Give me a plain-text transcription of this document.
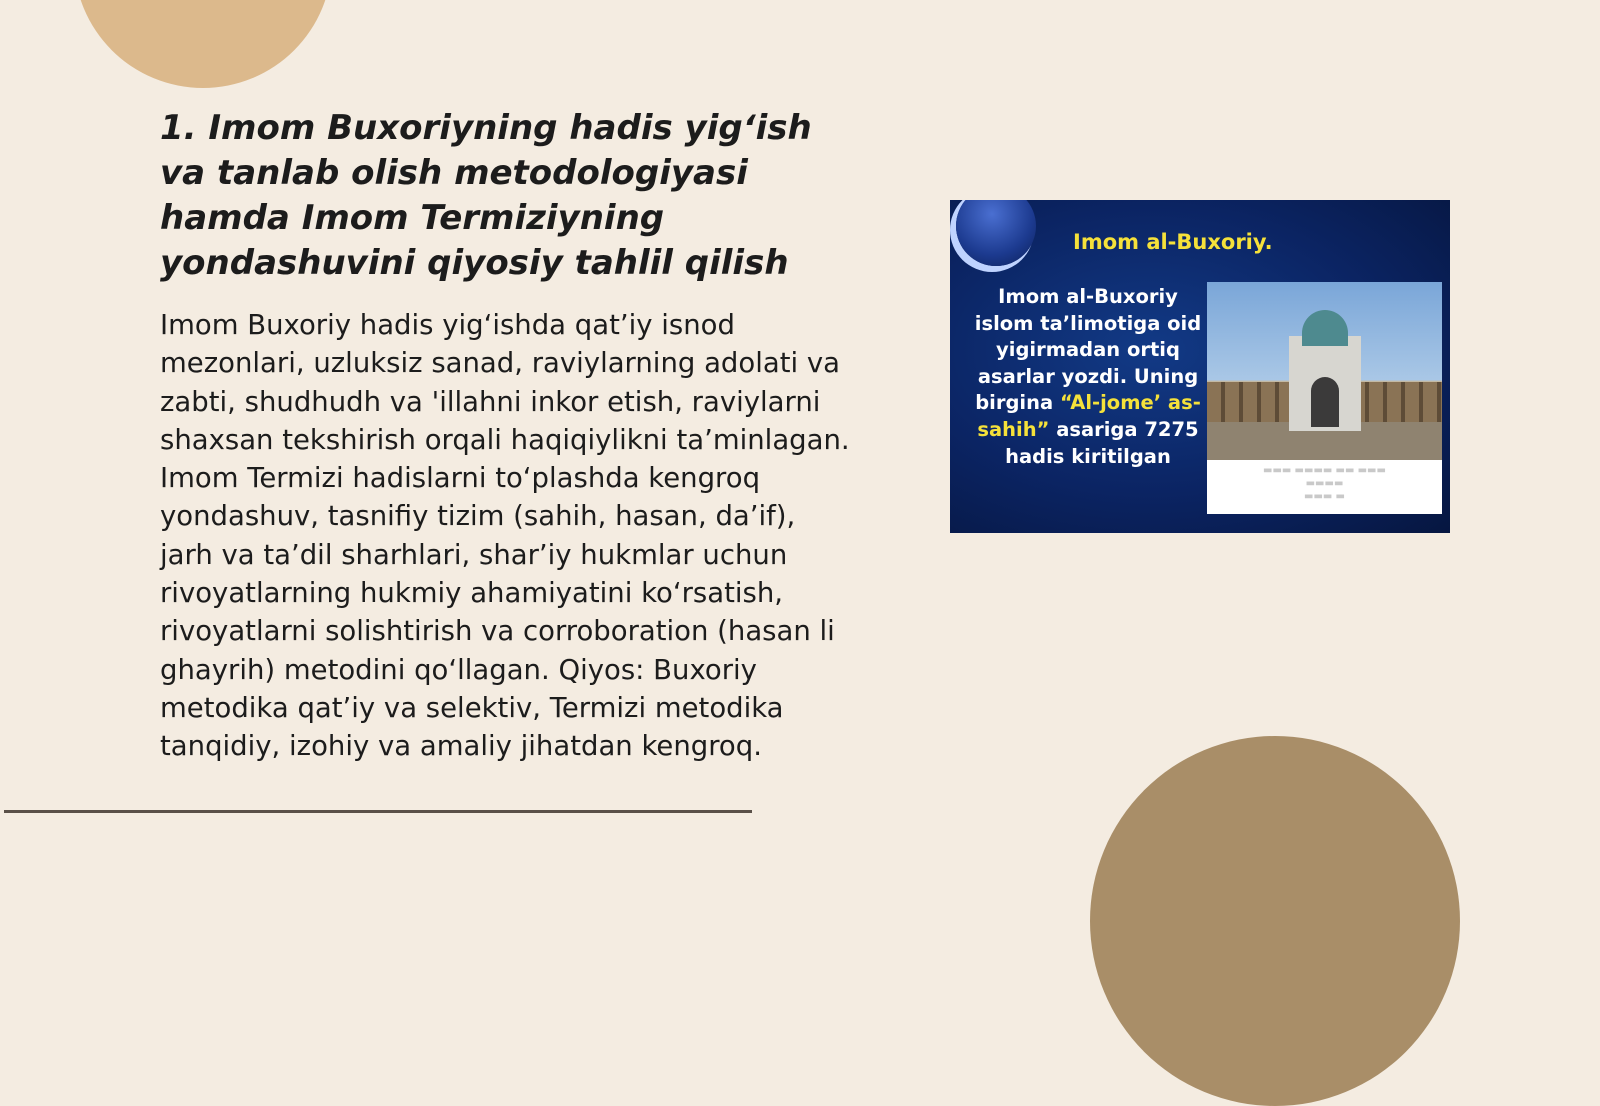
1. Imom Buxoriyning hadis yig‘ish va tanlab olish metodologiyasi hamda Imom Termiziyning yondashuvini qiyosiy tahlil qilish

Imom Buxoriy hadis yig‘ishda qat’iy isnod mezonlari, uzluksiz sanad, raviylarning adolati va zabti, shudhudh va 'illahni inkor etish, raviylarni shaxsan tekshirish orqali haqiqiylikni ta’minlagan. Imom Termizi hadislarni to‘plashda kengroq yondashuv, tasnifiy tizim (sahih, hasan, da’if), jarh va ta’dil sharhlari, shar’iy hukmlar uchun rivoyatlarning hukmiy ahamiyatini ko‘rsatish, rivoyatlarni solishtirish va corroboration (hasan li ghayrih) metodini qo‘llagan. Qiyos: Buxoriy metodika qat’iy va selektiv, Termizi metodika tanqidiy, izohiy va amaliy jihatdan kengroq.

Imom al-Buxoriy.
Imom al-Buxoriy islom ta’limotiga oid yigirmadan ortiq asarlar yozdi. Uning birgina “Al-jome’ as-sahih” asariga 7275 hadis kiritilgan
▬▬▬ ▬▬▬▬ ▬▬ ▬▬▬
▬▬▬▬
▬▬▬ ▬
